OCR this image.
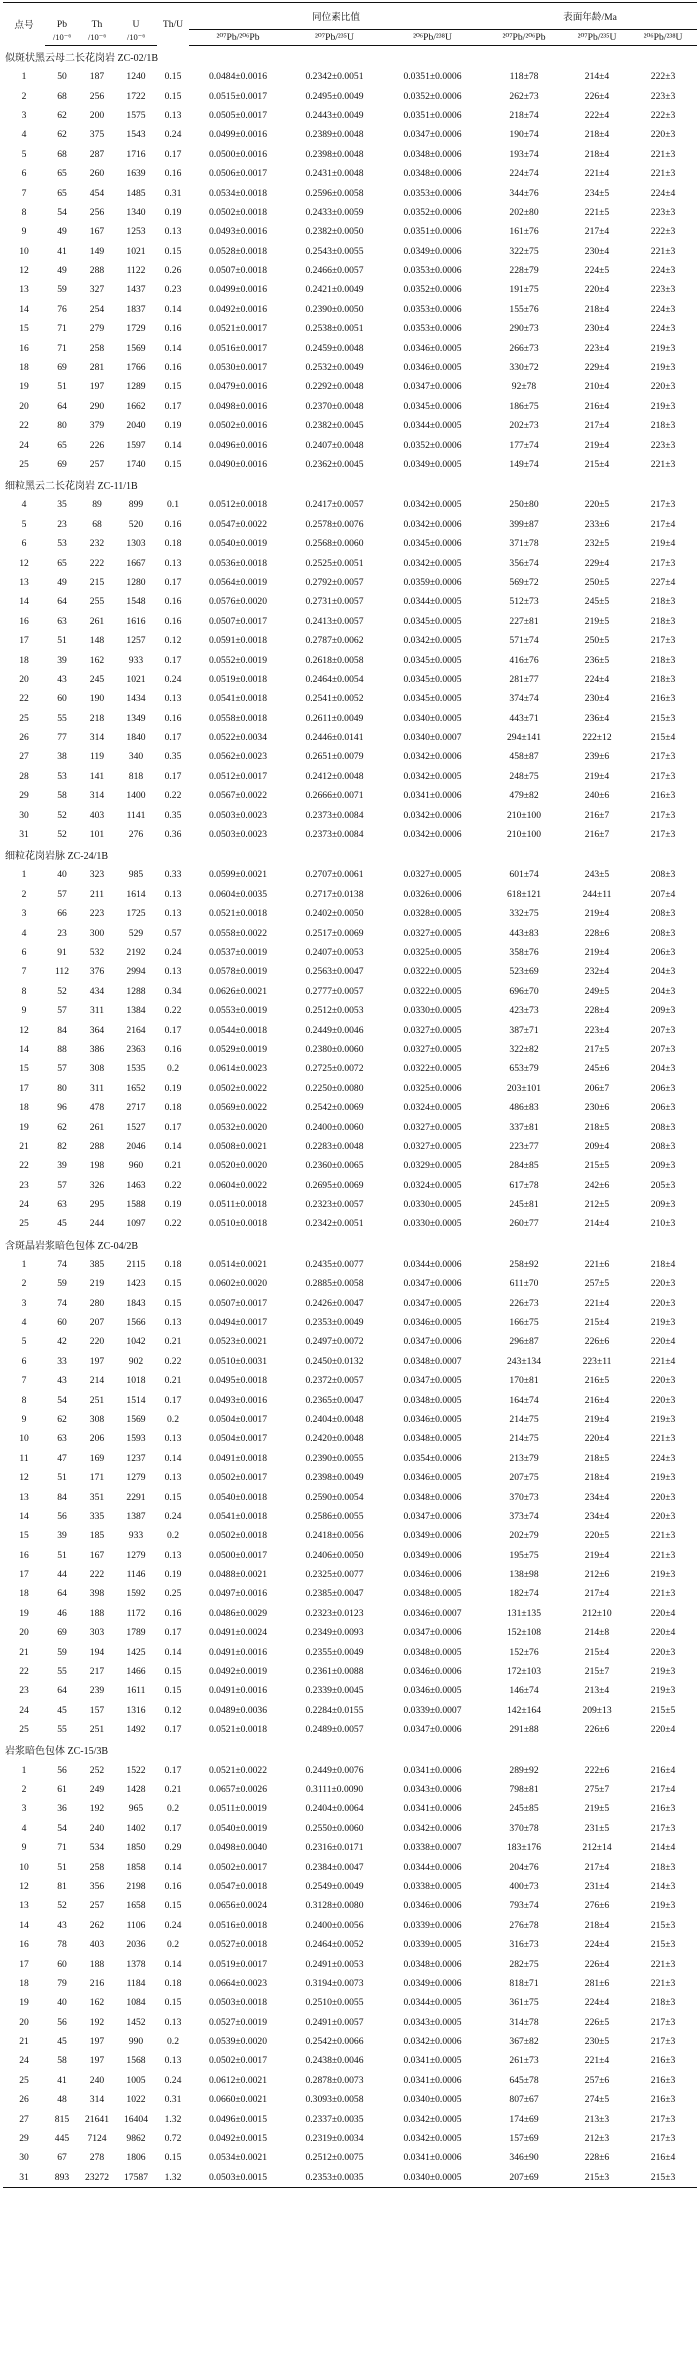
点号	Pb	Th	U	Th/U	同位素比值			表面年龄/Ma		
	/10⁻⁶	/10⁻⁶	/10⁻⁶		²⁰⁷Pb/²⁰⁶Pb	²⁰⁷Pb/²³⁵U	²⁰⁶Pb/²³⁸U	²⁰⁷Pb/²⁰⁶Pb	²⁰⁷Pb/²³⁵U	²⁰⁶Pb/²³⁸U
似斑状黑云母二长花岗岩 ZC-02/1B										
1	50	187	1240	0.15	0.0484±0.0016	0.2342±0.0051	0.0351±0.0006	118±78	214±4	222±3
2	68	256	1722	0.15	0.0515±0.0017	0.2495±0.0049	0.0352±0.0006	262±73	226±4	223±3
3	62	200	1575	0.13	0.0505±0.0017	0.2443±0.0049	0.0351±0.0006	218±74	222±4	222±3
4	62	375	1543	0.24	0.0499±0.0016	0.2389±0.0048	0.0347±0.0006	190±74	218±4	220±3
5	68	287	1716	0.17	0.0500±0.0016	0.2398±0.0048	0.0348±0.0006	193±74	218±4	221±3
6	65	260	1639	0.16	0.0506±0.0017	0.2431±0.0048	0.0348±0.0006	224±74	221±4	221±3
7	65	454	1485	0.31	0.0534±0.0018	0.2596±0.0058	0.0353±0.0006	344±76	234±5	224±4
8	54	256	1340	0.19	0.0502±0.0018	0.2433±0.0059	0.0352±0.0006	202±80	221±5	223±3
9	49	167	1253	0.13	0.0493±0.0016	0.2382±0.0050	0.0351±0.0006	161±76	217±4	222±3
10	41	149	1021	0.15	0.0528±0.0018	0.2543±0.0055	0.0349±0.0006	322±75	230±4	221±3
12	49	288	1122	0.26	0.0507±0.0018	0.2466±0.0057	0.0353±0.0006	228±79	224±5	224±3
13	59	327	1437	0.23	0.0499±0.0016	0.2421±0.0049	0.0352±0.0006	191±75	220±4	223±3
14	76	254	1837	0.14	0.0492±0.0016	0.2390±0.0050	0.0353±0.0006	155±76	218±4	224±3
15	71	279	1729	0.16	0.0521±0.0017	0.2538±0.0051	0.0353±0.0006	290±73	230±4	224±3
16	71	258	1569	0.14	0.0516±0.0017	0.2459±0.0048	0.0346±0.0005	266±73	223±4	219±3
18	69	281	1766	0.16	0.0530±0.0017	0.2532±0.0049	0.0346±0.0005	330±72	229±4	219±3
19	51	197	1289	0.15	0.0479±0.0016	0.2292±0.0048	0.0347±0.0006	92±78	210±4	220±3
20	64	290	1662	0.17	0.0498±0.0016	0.2370±0.0048	0.0345±0.0006	186±75	216±4	219±3
22	80	379	2040	0.19	0.0502±0.0016	0.2382±0.0045	0.0344±0.0005	202±73	217±4	218±3
24	65	226	1597	0.14	0.0496±0.0016	0.2407±0.0048	0.0352±0.0006	177±74	219±4	223±3
25	69	257	1740	0.15	0.0490±0.0016	0.2362±0.0045	0.0349±0.0005	149±74	215±4	221±3
细粒黑云二长花岗岩 ZC-11/1B										
4	35	89	899	0.1	0.0512±0.0018	0.2417±0.0057	0.0342±0.0005	250±80	220±5	217±3
5	23	68	520	0.16	0.0547±0.0022	0.2578±0.0076	0.0342±0.0006	399±87	233±6	217±4
6	53	232	1303	0.18	0.0540±0.0019	0.2568±0.0060	0.0345±0.0006	371±78	232±5	219±4
12	65	222	1667	0.13	0.0536±0.0018	0.2525±0.0051	0.0342±0.0005	356±74	229±4	217±3
13	49	215	1280	0.17	0.0564±0.0019	0.2792±0.0057	0.0359±0.0006	569±72	250±5	227±4
14	64	255	1548	0.16	0.0576±0.0020	0.2731±0.0057	0.0344±0.0005	512±73	245±5	218±3
16	63	261	1616	0.16	0.0507±0.0017	0.2413±0.0057	0.0345±0.0005	227±81	219±5	218±3
17	51	148	1257	0.12	0.0591±0.0018	0.2787±0.0062	0.0342±0.0005	571±74	250±5	217±3
18	39	162	933	0.17	0.0552±0.0019	0.2618±0.0058	0.0345±0.0005	416±76	236±5	218±3
20	43	245	1021	0.24	0.0519±0.0018	0.2464±0.0054	0.0345±0.0005	281±77	224±4	218±3
22	60	190	1434	0.13	0.0541±0.0018	0.2541±0.0052	0.0345±0.0005	374±74	230±4	216±3
25	55	218	1349	0.16	0.0558±0.0018	0.2611±0.0049	0.0340±0.0005	443±71	236±4	215±3
26	77	314	1840	0.17	0.0522±0.0034	0.2446±0.0141	0.0340±0.0007	294±141	222±12	215±4
27	38	119	340	0.35	0.0562±0.0023	0.2651±0.0079	0.0342±0.0006	458±87	239±6	217±3
28	53	141	818	0.17	0.0512±0.0017	0.2412±0.0048	0.0342±0.0005	248±75	219±4	217±3
29	58	314	1400	0.22	0.0567±0.0022	0.2666±0.0071	0.0341±0.0006	479±82	240±6	216±3
30	52	403	1141	0.35	0.0503±0.0023	0.2373±0.0084	0.0342±0.0006	210±100	216±7	217±3
31	52	101	276	0.36	0.0503±0.0023	0.2373±0.0084	0.0342±0.0006	210±100	216±7	217±3
细粒花岗岩脉 ZC-24/1B										
1	40	323	985	0.33	0.0599±0.0021	0.2707±0.0061	0.0327±0.0005	601±74	243±5	208±3
2	57	211	1614	0.13	0.0604±0.0035	0.2717±0.0138	0.0326±0.0006	618±121	244±11	207±4
3	66	223	1725	0.13	0.0521±0.0018	0.2402±0.0050	0.0328±0.0005	332±75	219±4	208±3
4	23	300	529	0.57	0.0558±0.0022	0.2517±0.0069	0.0327±0.0005	443±83	228±6	208±3
6	91	532	2192	0.24	0.0537±0.0019	0.2407±0.0053	0.0325±0.0005	358±76	219±4	206±3
7	112	376	2994	0.13	0.0578±0.0019	0.2563±0.0047	0.0322±0.0005	523±69	232±4	204±3
8	52	434	1288	0.34	0.0626±0.0021	0.2777±0.0057	0.0322±0.0005	696±70	249±5	204±3
9	57	311	1384	0.22	0.0553±0.0019	0.2512±0.0053	0.0330±0.0005	423±73	228±4	209±3
12	84	364	2164	0.17	0.0544±0.0018	0.2449±0.0046	0.0327±0.0005	387±71	223±4	207±3
14	88	386	2363	0.16	0.0529±0.0019	0.2380±0.0060	0.0327±0.0005	322±82	217±5	207±3
15	57	308	1535	0.2	0.0614±0.0023	0.2725±0.0072	0.0322±0.0005	653±79	245±6	204±3
17	80	311	1652	0.19	0.0502±0.0022	0.2250±0.0080	0.0325±0.0006	203±101	206±7	206±3
18	96	478	2717	0.18	0.0569±0.0022	0.2542±0.0069	0.0324±0.0005	486±83	230±6	206±3
19	62	261	1527	0.17	0.0532±0.0020	0.2400±0.0060	0.0327±0.0005	337±81	218±5	208±3
21	82	288	2046	0.14	0.0508±0.0021	0.2283±0.0048	0.0327±0.0005	223±77	209±4	208±3
22	39	198	960	0.21	0.0520±0.0020	0.2360±0.0065	0.0329±0.0005	284±85	215±5	209±3
23	57	326	1463	0.22	0.0604±0.0022	0.2695±0.0069	0.0324±0.0005	617±78	242±6	205±3
24	63	295	1588	0.19	0.0511±0.0018	0.2323±0.0057	0.0330±0.0005	245±81	212±5	209±3
25	45	244	1097	0.22	0.0510±0.0018	0.2342±0.0051	0.0330±0.0005	260±77	214±4	210±3
含斑晶岩浆暗色包体 ZC-04/2B										
1	74	385	2115	0.18	0.0514±0.0021	0.2435±0.0077	0.0344±0.0006	258±92	221±6	218±4
2	59	219	1423	0.15	0.0602±0.0020	0.2885±0.0058	0.0347±0.0006	611±70	257±5	220±3
3	74	280	1843	0.15	0.0507±0.0017	0.2426±0.0047	0.0347±0.0005	226±73	221±4	220±3
4	60	207	1566	0.13	0.0494±0.0017	0.2353±0.0049	0.0346±0.0005	166±75	215±4	219±3
5	42	220	1042	0.21	0.0523±0.0021	0.2497±0.0072	0.0347±0.0006	296±87	226±6	220±4
6	33	197	902	0.22	0.0510±0.0031	0.2450±0.0132	0.0348±0.0007	243±134	223±11	221±4
7	43	214	1018	0.21	0.0495±0.0018	0.2372±0.0057	0.0347±0.0005	170±81	216±5	220±3
8	54	251	1514	0.17	0.0493±0.0016	0.2365±0.0047	0.0348±0.0005	164±74	216±4	220±3
9	62	308	1569	0.2	0.0504±0.0017	0.2404±0.0048	0.0346±0.0005	214±75	219±4	219±3
10	63	206	1593	0.13	0.0504±0.0017	0.2420±0.0048	0.0348±0.0005	214±75	220±4	221±3
11	47	169	1237	0.14	0.0491±0.0018	0.2390±0.0055	0.0354±0.0006	213±79	218±5	224±3
12	51	171	1279	0.13	0.0502±0.0017	0.2398±0.0049	0.0346±0.0005	207±75	218±4	219±3
13	84	351	2291	0.15	0.0540±0.0018	0.2590±0.0054	0.0348±0.0006	370±73	234±4	220±3
14	56	335	1387	0.24	0.0541±0.0018	0.2586±0.0055	0.0347±0.0006	373±74	234±4	220±3
15	39	185	933	0.2	0.0502±0.0018	0.2418±0.0056	0.0349±0.0006	202±79	220±5	221±3
16	51	167	1279	0.13	0.0500±0.0017	0.2406±0.0050	0.0349±0.0006	195±75	219±4	221±3
17	44	222	1146	0.19	0.0488±0.0021	0.2325±0.0077	0.0346±0.0006	138±98	212±6	219±3
18	64	398	1592	0.25	0.0497±0.0016	0.2385±0.0047	0.0348±0.0005	182±74	217±4	221±3
19	46	188	1172	0.16	0.0486±0.0029	0.2323±0.0123	0.0346±0.0007	131±135	212±10	220±4
20	69	303	1789	0.17	0.0491±0.0024	0.2349±0.0093	0.0347±0.0006	152±108	214±8	220±4
21	59	194	1425	0.14	0.0491±0.0016	0.2355±0.0049	0.0348±0.0005	152±76	215±4	220±3
22	55	217	1466	0.15	0.0492±0.0019	0.2361±0.0088	0.0346±0.0006	172±103	215±7	219±3
23	64	239	1611	0.15	0.0491±0.0016	0.2339±0.0045	0.0346±0.0005	146±74	213±4	219±3
24	45	157	1316	0.12	0.0489±0.0036	0.2284±0.0155	0.0339±0.0007	142±164	209±13	215±5
25	55	251	1492	0.17	0.0521±0.0018	0.2489±0.0057	0.0347±0.0006	291±88	226±6	220±4
岩浆暗色包体 ZC-15/3B										
1	56	252	1522	0.17	0.0521±0.0022	0.2449±0.0076	0.0341±0.0006	289±92	222±6	216±4
2	61	249	1428	0.21	0.0657±0.0026	0.3111±0.0090	0.0343±0.0006	798±81	275±7	217±4
3	36	192	965	0.2	0.0511±0.0019	0.2404±0.0064	0.0341±0.0006	245±85	219±5	216±3
4	54	240	1402	0.17	0.0540±0.0019	0.2550±0.0060	0.0342±0.0006	370±78	231±5	217±3
9	71	534	1850	0.29	0.0498±0.0040	0.2316±0.0171	0.0338±0.0007	183±176	212±14	214±4
10	51	258	1858	0.14	0.0502±0.0017	0.2384±0.0047	0.0344±0.0006	204±76	217±4	218±3
12	81	356	2198	0.16	0.0547±0.0018	0.2549±0.0049	0.0338±0.0005	400±73	231±4	214±3
13	52	257	1658	0.15	0.0656±0.0024	0.3128±0.0080	0.0346±0.0006	793±74	276±6	219±3
14	43	262	1106	0.24	0.0516±0.0018	0.2400±0.0056	0.0339±0.0006	276±78	218±4	215±3
16	78	403	2036	0.2	0.0527±0.0018	0.2464±0.0052	0.0339±0.0005	316±73	224±4	215±3
17	60	188	1378	0.14	0.0519±0.0017	0.2491±0.0053	0.0348±0.0006	282±75	226±4	221±3
18	79	216	1184	0.18	0.0664±0.0023	0.3194±0.0073	0.0349±0.0006	818±71	281±6	221±3
19	40	162	1084	0.15	0.0503±0.0018	0.2510±0.0055	0.0344±0.0005	361±75	224±4	218±3
20	56	192	1452	0.13	0.0527±0.0019	0.2491±0.0057	0.0343±0.0005	314±78	226±5	217±3
21	45	197	990	0.2	0.0539±0.0020	0.2542±0.0066	0.0342±0.0006	367±82	230±5	217±3
24	58	197	1568	0.13	0.0502±0.0017	0.2438±0.0046	0.0341±0.0005	261±73	221±4	216±3
25	41	240	1005	0.24	0.0612±0.0021	0.2878±0.0073	0.0341±0.0006	645±78	257±6	216±3
26	48	314	1022	0.31	0.0660±0.0021	0.3093±0.0058	0.0340±0.0005	807±67	274±5	216±3
27	815	21641	16404	1.32	0.0496±0.0015	0.2337±0.0035	0.0342±0.0005	174±69	213±3	217±3
29	445	7124	9862	0.72	0.0492±0.0015	0.2319±0.0034	0.0342±0.0005	157±69	212±3	217±3
30	67	278	1806	0.15	0.0534±0.0021	0.2512±0.0075	0.0341±0.0006	346±90	228±6	216±4
31	893	23272	17587	1.32	0.0503±0.0015	0.2353±0.0035	0.0340±0.0005	207±69	215±3	215±3
